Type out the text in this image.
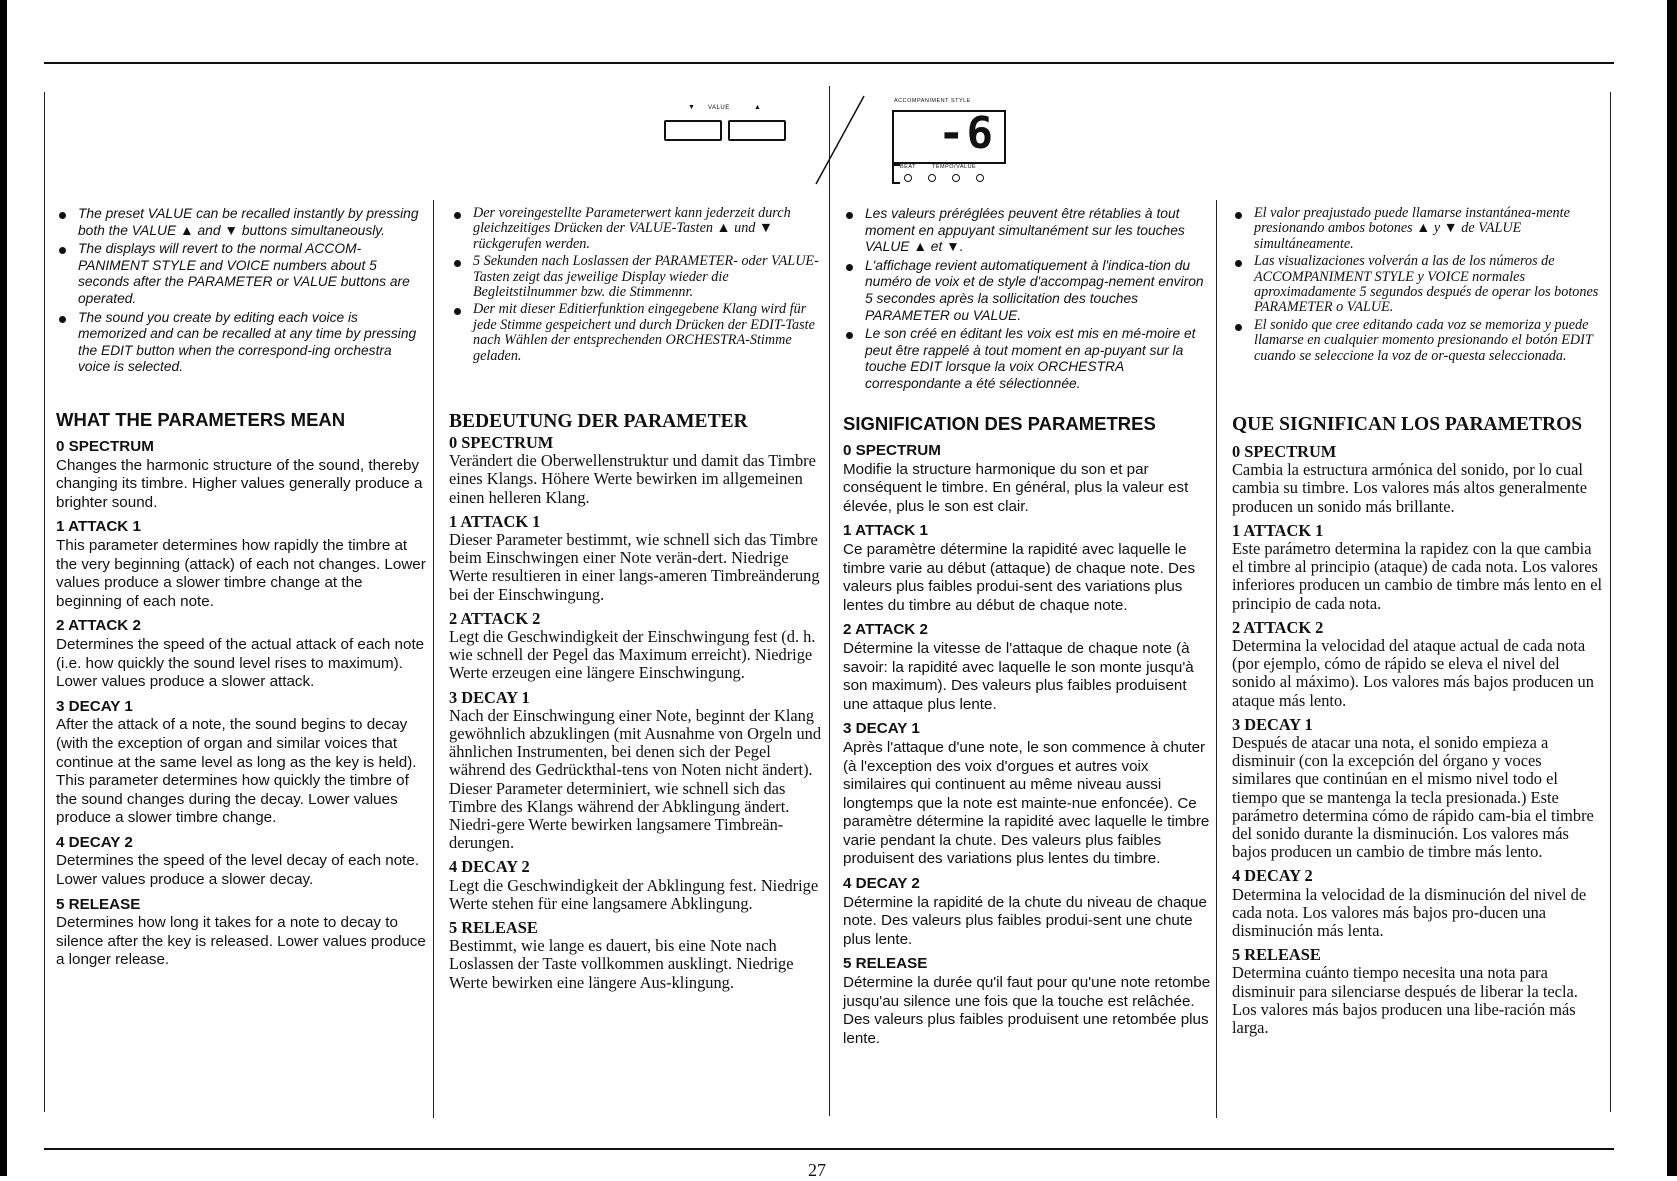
▼ VALUE	▲
ACCOMPANIMENT STYLE
-6
BEAT	TEMPO/VALUE
The preset VALUE can be recalled instantly by pressing both the VALUE ▲ and ▼ buttons simultaneously.
The displays will revert to the normal ACCOM-PANIMENT STYLE and VOICE numbers about 5 seconds after the PARAMETER or VALUE buttons are operated.
The sound you create by editing each voice is memorized and can be recalled at any time by pressing the EDIT button when the correspond-ing orchestra voice is selected.
WHAT THE PARAMETERS MEAN
0 SPECTRUM
Changes the harmonic structure of the sound, thereby changing its timbre. Higher values generally produce a brighter sound.
1 ATTACK 1
This parameter determines how rapidly the timbre at the very beginning (attack) of each not changes. Lower values produce a slower timbre change at the beginning of each note.
2 ATTACK 2
Determines the speed of the actual attack of each note (i.e. how quickly the sound level rises to maximum). Lower values produce a slower attack.
3 DECAY 1
After the attack of a note, the sound begins to decay (with the exception of organ and similar voices that continue at the same level as long as the key is held). This parameter determines how quickly the timbre of the sound changes during the decay. Lower values produce a slower timbre change.
4 DECAY 2
Determines the speed of the level decay of each note. Lower values produce a slower decay.
5 RELEASE
Determines how long it takes for a note to decay to silence after the key is released. Lower values produce a longer release.
Der voreingestellte Parameterwert kann jederzeit durch gleichzeitiges Drücken der VALUE-Tasten ▲ und ▼ rückgerufen werden.
5 Sekunden nach Loslassen der PARAMETER- oder VALUE-Tasten zeigt das jeweilige Display wieder die Begleitstilnummer bzw. die Stimmennr.
Der mit dieser Editierfunktion eingegebene Klang wird für jede Stimme gespeichert und durch Drücken der EDIT-Taste nach Wählen der entsprechenden ORCHESTRA-Stimme geladen.
BEDEUTUNG DER PARAMETER
0 SPECTRUM
Verändert die Oberwellenstruktur und damit das Timbre eines Klangs. Höhere Werte bewirken im allgemeinen einen helleren Klang.
1 ATTACK 1
Dieser Parameter bestimmt, wie schnell sich das Timbre beim Einschwingen einer Note verän-dert. Niedrige Werte resultieren in einer langs-ameren Timbreänderung bei der Einschwingung.
2 ATTACK 2
Legt die Geschwindigkeit der Einschwingung fest (d. h. wie schnell der Pegel das Maximum erreicht). Niedrige Werte erzeugen eine längere Einschwingung.
3 DECAY 1
Nach der Einschwingung einer Note, beginnt der Klang gewöhnlich abzuklingen (mit Ausnahme von Orgeln und ähnlichen Instrumenten, bei denen sich der Pegel während des Gedrückthal-tens von Noten nicht ändert). Dieser Parameter determiniert, wie schnell sich das Timbre des Klangs während der Abklingung ändert. Niedri-gere Werte bewirken langsamere Timbreän-derungen.
4 DECAY 2
Legt die Geschwindigkeit der Abklingung fest. Niedrige Werte stehen für eine langsamere Abklingung.
5 RELEASE
Bestimmt, wie lange es dauert, bis eine Note nach Loslassen der Taste vollkommen ausklingt. Niedrige Werte bewirken eine längere Aus-klingung.
Les valeurs préréglées peuvent être rétablies à tout moment en appuyant simultanément sur les touches VALUE ▲ et ▼.
L'affichage revient automatiquement à l'indica-tion du numéro de voix et de style d'accompag-nement environ 5 secondes après la sollicitation des touches PARAMETER ou VALUE.
Le son créé en éditant les voix est mis en mé-moire et peut être rappelé à tout moment en ap-puyant sur la touche EDIT lorsque la voix ORCHESTRA correspondante a été sélectionnée.
SIGNIFICATION DES PARAMETRES
0 SPECTRUM
Modifie la structure harmonique du son et par conséquent le timbre. En général, plus la valeur est élevée, plus le son est clair.
1 ATTACK 1
Ce paramètre détermine la rapidité avec laquelle le timbre varie au début (attaque) de chaque note. Des valeurs plus faibles produi-sent des variations plus lentes du timbre au début de chaque note.
2 ATTACK 2
Détermine la vitesse de l'attaque de chaque note (à savoir: la rapidité avec laquelle le son monte jusqu'à son maximum). Des valeurs plus faibles produisent une attaque plus lente.
3 DECAY 1
Après l'attaque d'une note, le son commence à chuter (à l'exception des voix d'orgues et autres voix similaires qui continuent au même niveau aussi longtemps que la note est mainte-nue enfoncée). Ce paramètre détermine la rapidité avec laquelle le timbre varie pendant la chute. Des valeurs plus faibles produisent des variations plus lentes du timbre.
4 DECAY 2
Détermine la rapidité de la chute du niveau de chaque note. Des valeurs plus faibles produi-sent une chute plus lente.
5 RELEASE
Détermine la durée qu'il faut pour qu'une note retombe jusqu'au silence une fois que la touche est relâchée. Des valeurs plus faibles produisent une retombée plus lente.
El valor preajustado puede llamarse instantánea-mente presionando ambos botones ▲ y ▼ de VALUE simultáneamente.
Las visualizaciones volverán a las de los números de ACCOMPANIMENT STYLE y VOICE normales aproximadamente 5 segundos después de operar los botones PARAMETER o VALUE.
El sonido que cree editando cada voz se memoriza y puede llamarse en cualquier momento presionando el botón EDIT cuando se seleccione la voz de or-questa seleccionada.
QUE SIGNIFICAN LOS PARAMETROS
0 SPECTRUM
Cambia la estructura armónica del sonido, por lo cual cambia su timbre. Los valores más altos generalmente producen un sonido más brillante.
1 ATTACK 1
Este parámetro determina la rapidez con la que cambia el timbre al principio (ataque) de cada nota. Los valores inferiores producen un cambio de timbre más lento en el principio de cada nota.
2 ATTACK 2
Determina la velocidad del ataque actual de cada nota (por ejemplo, cómo de rápido se eleva el nivel del sonido al máximo). Los valores más bajos producen un ataque más lento.
3 DECAY 1
Después de atacar una nota, el sonido empieza a disminuir (con la excepción del órgano y voces similares que continúan en el mismo nivel todo el tiempo que se mantenga la tecla presionada.) Este parámetro determina cómo de rápido cam-bia el timbre del sonido durante la disminución. Los valores más bajos producen un cambio de timbre más lento.
4 DECAY 2
Determina la velocidad de la disminución del nivel de cada nota. Los valores más bajos pro-ducen una disminución más lenta.
5 RELEASE
Determina cuánto tiempo necesita una nota para disminuir para silenciarse después de liberar la tecla. Los valores más bajos producen una libe-ración más larga.
27
